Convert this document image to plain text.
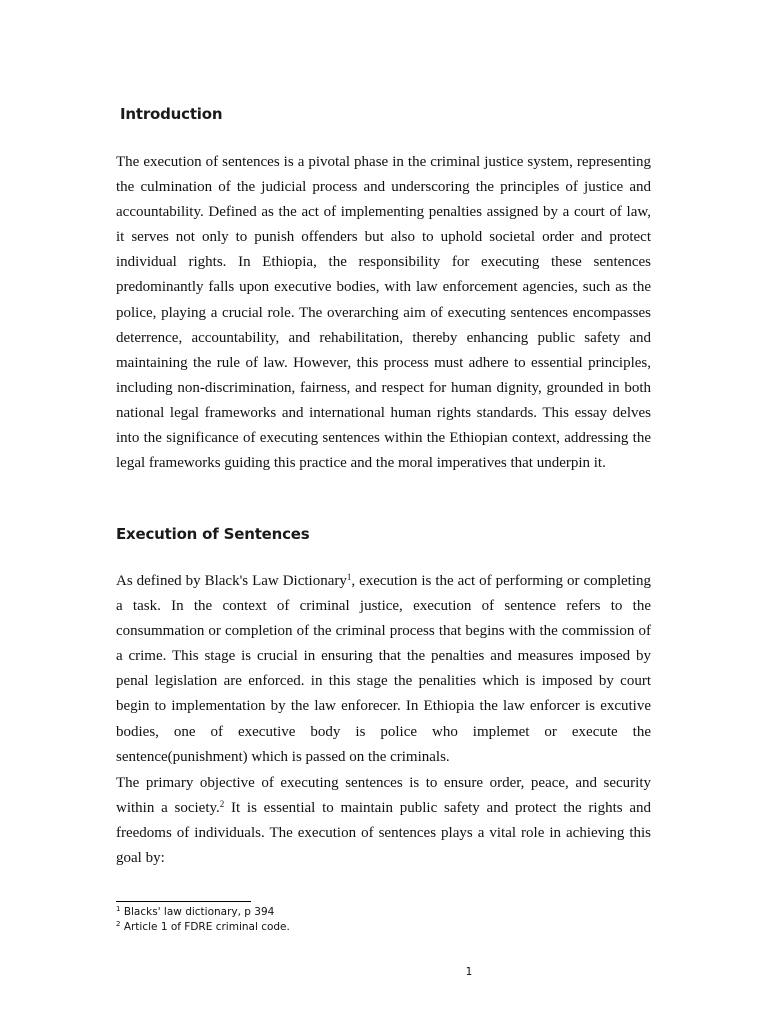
Introduction

The execution of sentences is a pivotal phase in the criminal justice system, representing the culmination of the judicial process and underscoring the principles of justice and accountability. Defined as the act of implementing penalties assigned by a court of law, it serves not only to punish offenders but also to uphold societal order and protect individual rights. In Ethiopia, the responsibility for executing these sentences predominantly falls upon executive bodies, with law enforcement agencies, such as the police, playing a crucial role. The overarching aim of executing sentences encompasses deterrence, accountability, and rehabilitation, thereby enhancing public safety and maintaining the rule of law. However, this process must adhere to essential principles, including non-discrimination, fairness, and respect for human dignity, grounded in both national legal frameworks and international human rights standards. This essay delves into the significance of executing sentences within the Ethiopian context, addressing the legal frameworks guiding this practice and the moral imperatives that underpin it.

Execution of Sentences

As defined by Black's Law Dictionary$^1$, execution is the act of performing or completing a task. In the context of criminal justice, execution of sentence refers to the consummation or completion of the criminal process that begins with the commission of a crime. This stage is crucial in ensuring that the penalties and measures imposed by penal legislation are enforced. in this stage the penalities which is imposed by court begin to implementation by the law enforecer. In Ethiopia the law enforcer is excutive bodies, one of executive body is police who implemet or execute the sentence(punishment) which is passed on the criminals.

The primary objective of executing sentences is to ensure order, peace, and security within a society.$^2$ It is essential to maintain public safety and protect the rights and freedoms of individuals. The execution of sentences plays a vital role in achieving this goal by:

$^1$ Blacks' law dictionary, p 394

$^2$ Article 1 of FDRE criminal code.

1
